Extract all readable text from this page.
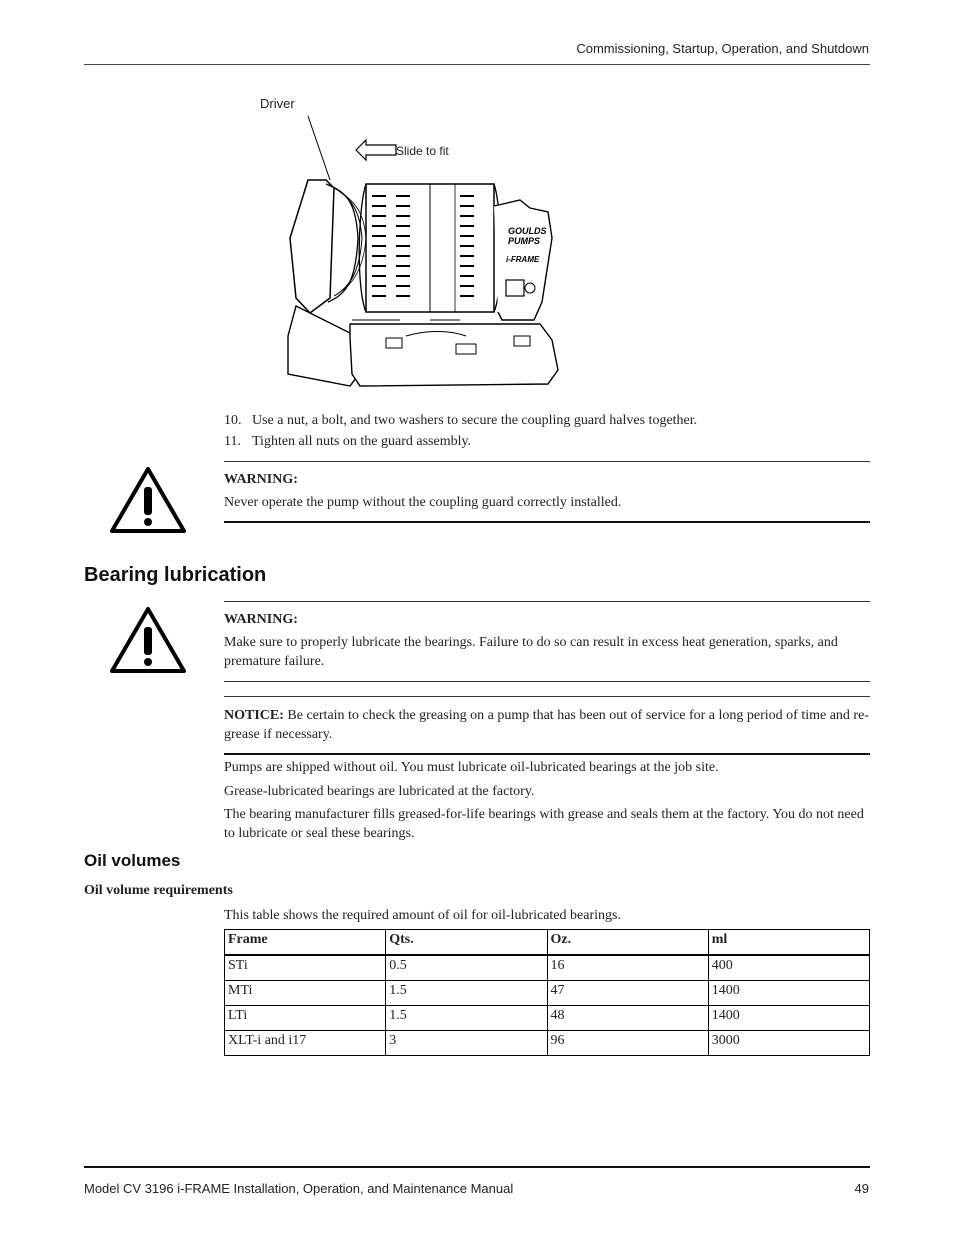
Commissioning, Startup, Operation, and Shutdown
GOULDS
PUMPS
i-FRAME
Driver
Slide to fit
10. Use a nut, a bolt, and two washers to secure the coupling guard halves together.
11. Tighten all nuts on the guard assembly.
WARNING:
Never operate the pump without the coupling guard correctly installed.
Bearing lubrication
WARNING:
Make sure to properly lubricate the bearings. Failure to do so can result in excess heat generation, sparks, and premature failure.
NOTICE: Be certain to check the greasing on a pump that has been out of service for a long period of time and re-grease if necessary.
Pumps are shipped without oil. You must lubricate oil-lubricated bearings at the job site.
Grease-lubricated bearings are lubricated at the factory.
The bearing manufacturer fills greased-for-life bearings with grease and seals them at the factory. You do not need to lubricate or seal these bearings.
Oil volumes
Oil volume requirements
This table shows the required amount of oil for oil-lubricated bearings.
Frame	Qts.	Oz.	ml
STi	0.5	16	400
MTi	1.5	47	1400
LTi	1.5	48	1400
XLT-i and i17	3	96	3000
Model CV 3196 i-FRAME Installation, Operation, and Maintenance Manual	49
